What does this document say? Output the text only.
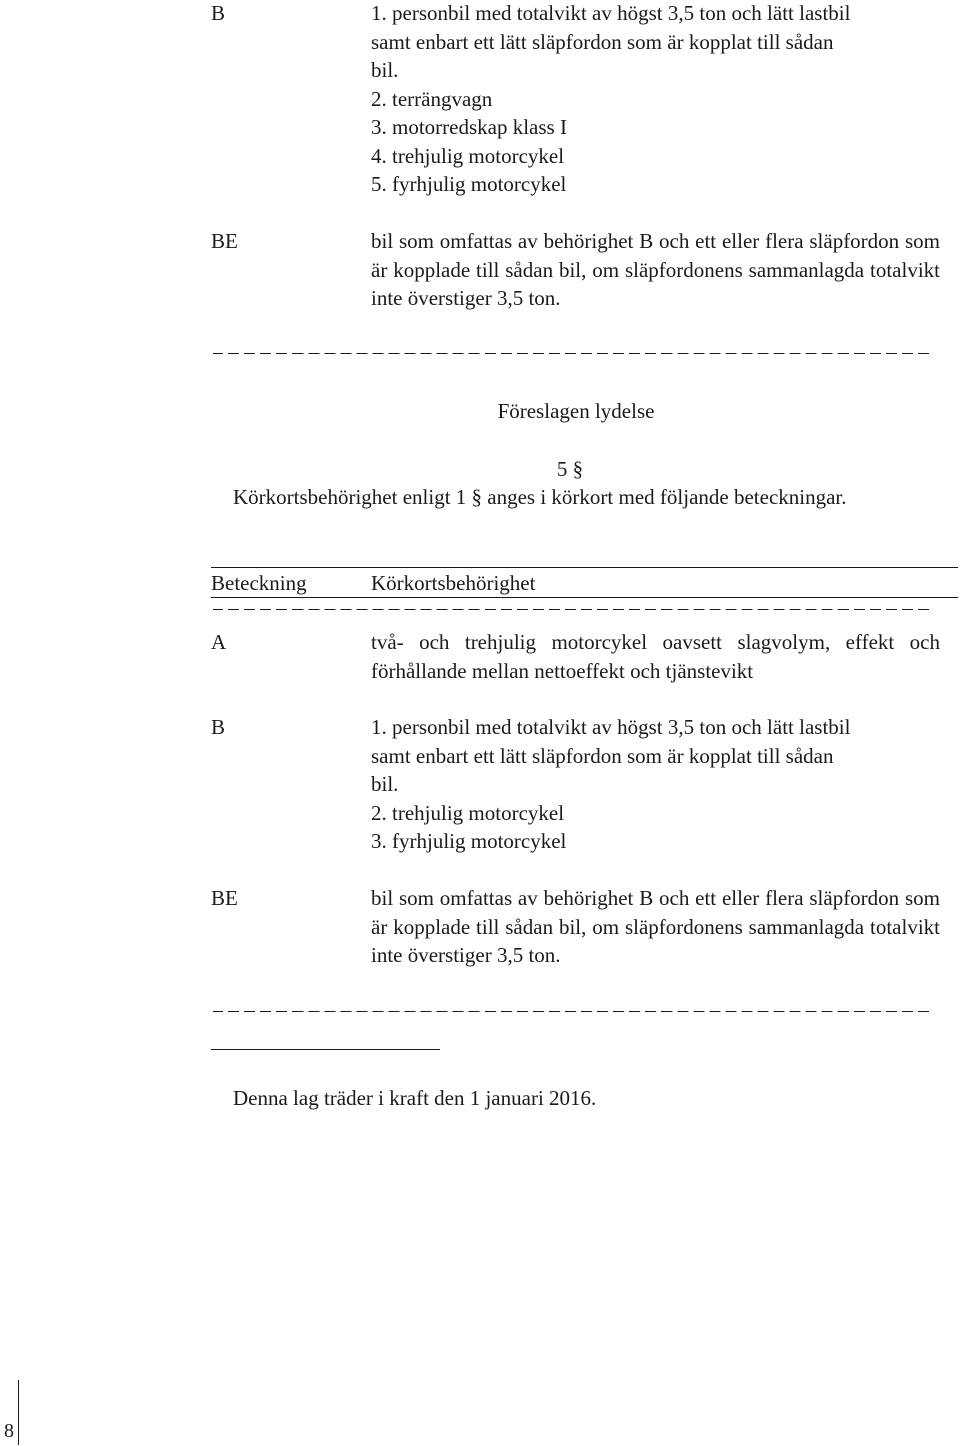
B	1. personbil med totalvikt av högst 3,5 ton och lätt lastbil
samt enbart ett lätt släpfordon som är kopplat till sådan
bil.
2. terrängvagn
3. motorredskap klass I
4. trehjulig motorcykel
5. fyrhjulig motorcykel
BE	bil som omfattas av behörighet B och ett eller flera släpfordon som är kopplade till sådan bil, om släpfordonens sammanlagda totalvikt inte överstiger 3,5 ton.
Föreslagen lydelse
5 §
Körkortsbehörighet enligt 1 § anges i körkort med följande beteckningar.
Beteckning	Körkortsbehörighet
A	två- och trehjulig motorcykel oavsett slagvolym, effekt och förhållande mellan nettoeffekt och tjänstevikt
B	1. personbil med totalvikt av högst 3,5 ton och lätt lastbil
samt enbart ett lätt släpfordon som är kopplat till sådan
bil.
2. trehjulig motorcykel
3. fyrhjulig motorcykel
BE	bil som omfattas av behörighet B och ett eller flera släpfordon som är kopplade till sådan bil, om släpfordonens sammanlagda totalvikt inte överstiger 3,5 ton.
Denna lag träder i kraft den 1 januari 2016.
8
